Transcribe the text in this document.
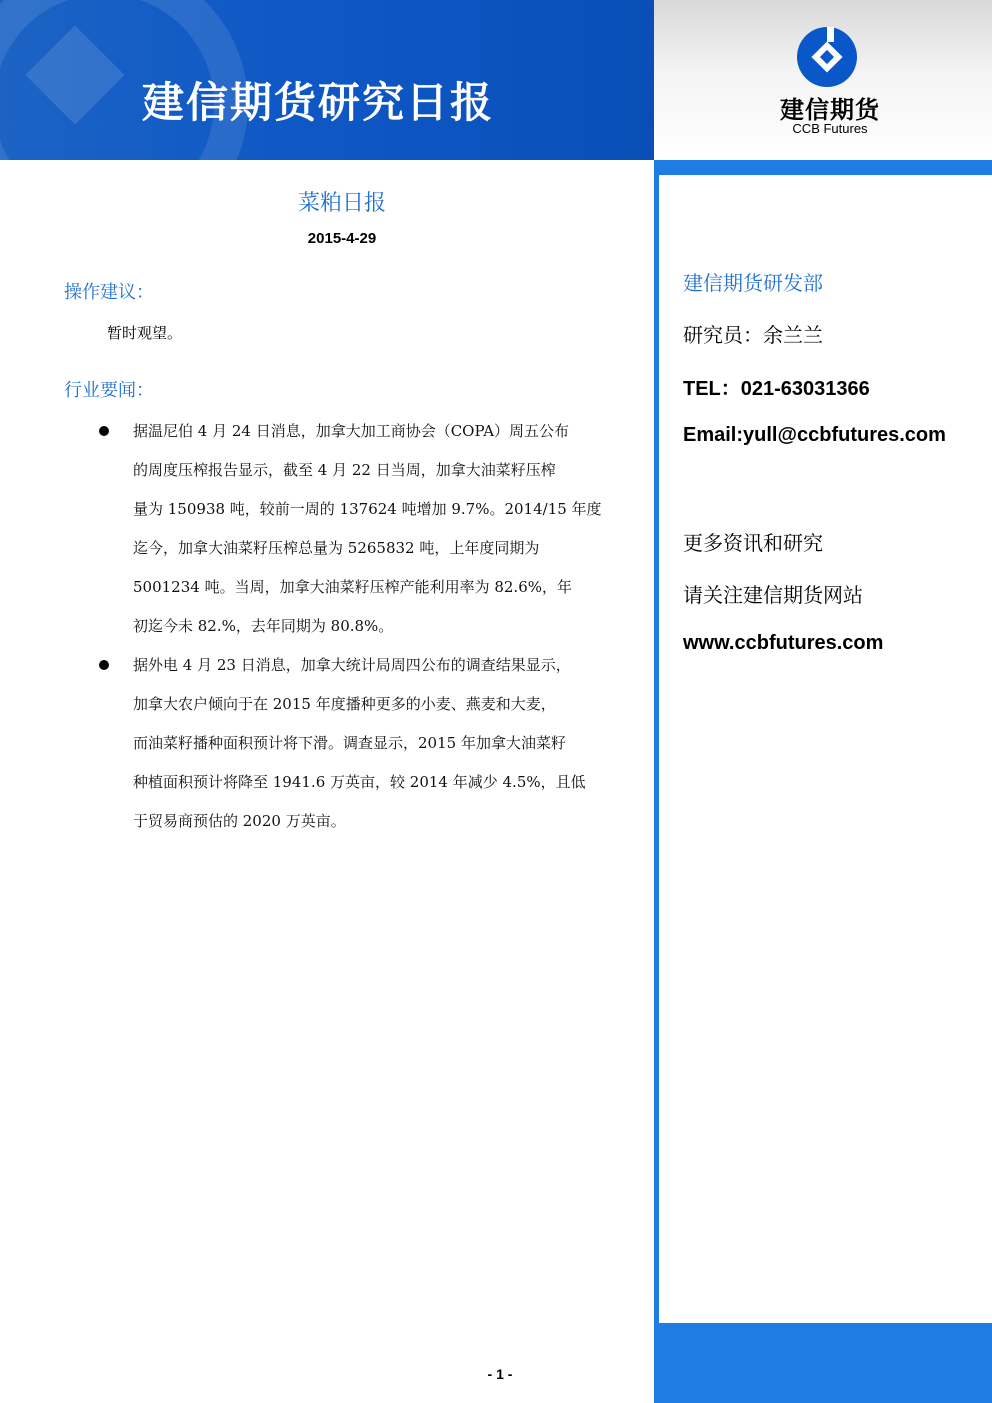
建信期货研究日报	建信期货
CCB Futures
建信期货研发部
研究员：余兰兰
TEL：021-63031366
Email:yull@ccbfutures.com
更多资讯和研究
请关注建信期货网站
www.ccbfutures.com
菜粕日报
2015-4-29
操作建议：
暂时观望。
行业要闻：
据温尼伯 4 月 24 日消息，加拿大加工商协会（COPA）周五公布
的周度压榨报告显示，截至 4 月 22 日当周，加拿大油菜籽压榨
量为 150938 吨，较前一周的 137624 吨增加 9.7%。2014/15 年度
迄今，加拿大油菜籽压榨总量为 5265832 吨，上年度同期为
5001234 吨。当周，加拿大油菜籽压榨产能利用率为 82.6%，年
初迄今未 82.%，去年同期为 80.8%。
据外电 4 月 23 日消息，加拿大统计局周四公布的调查结果显示，
加拿大农户倾向于在 2015 年度播种更多的小麦、燕麦和大麦，
而油菜籽播种面积预计将下滑。调查显示，2015 年加拿大油菜籽
种植面积预计将降至 1941.6 万英亩，较 2014 年减少 4.5%，且低
于贸易商预估的 2020 万英亩。
- 1 -
